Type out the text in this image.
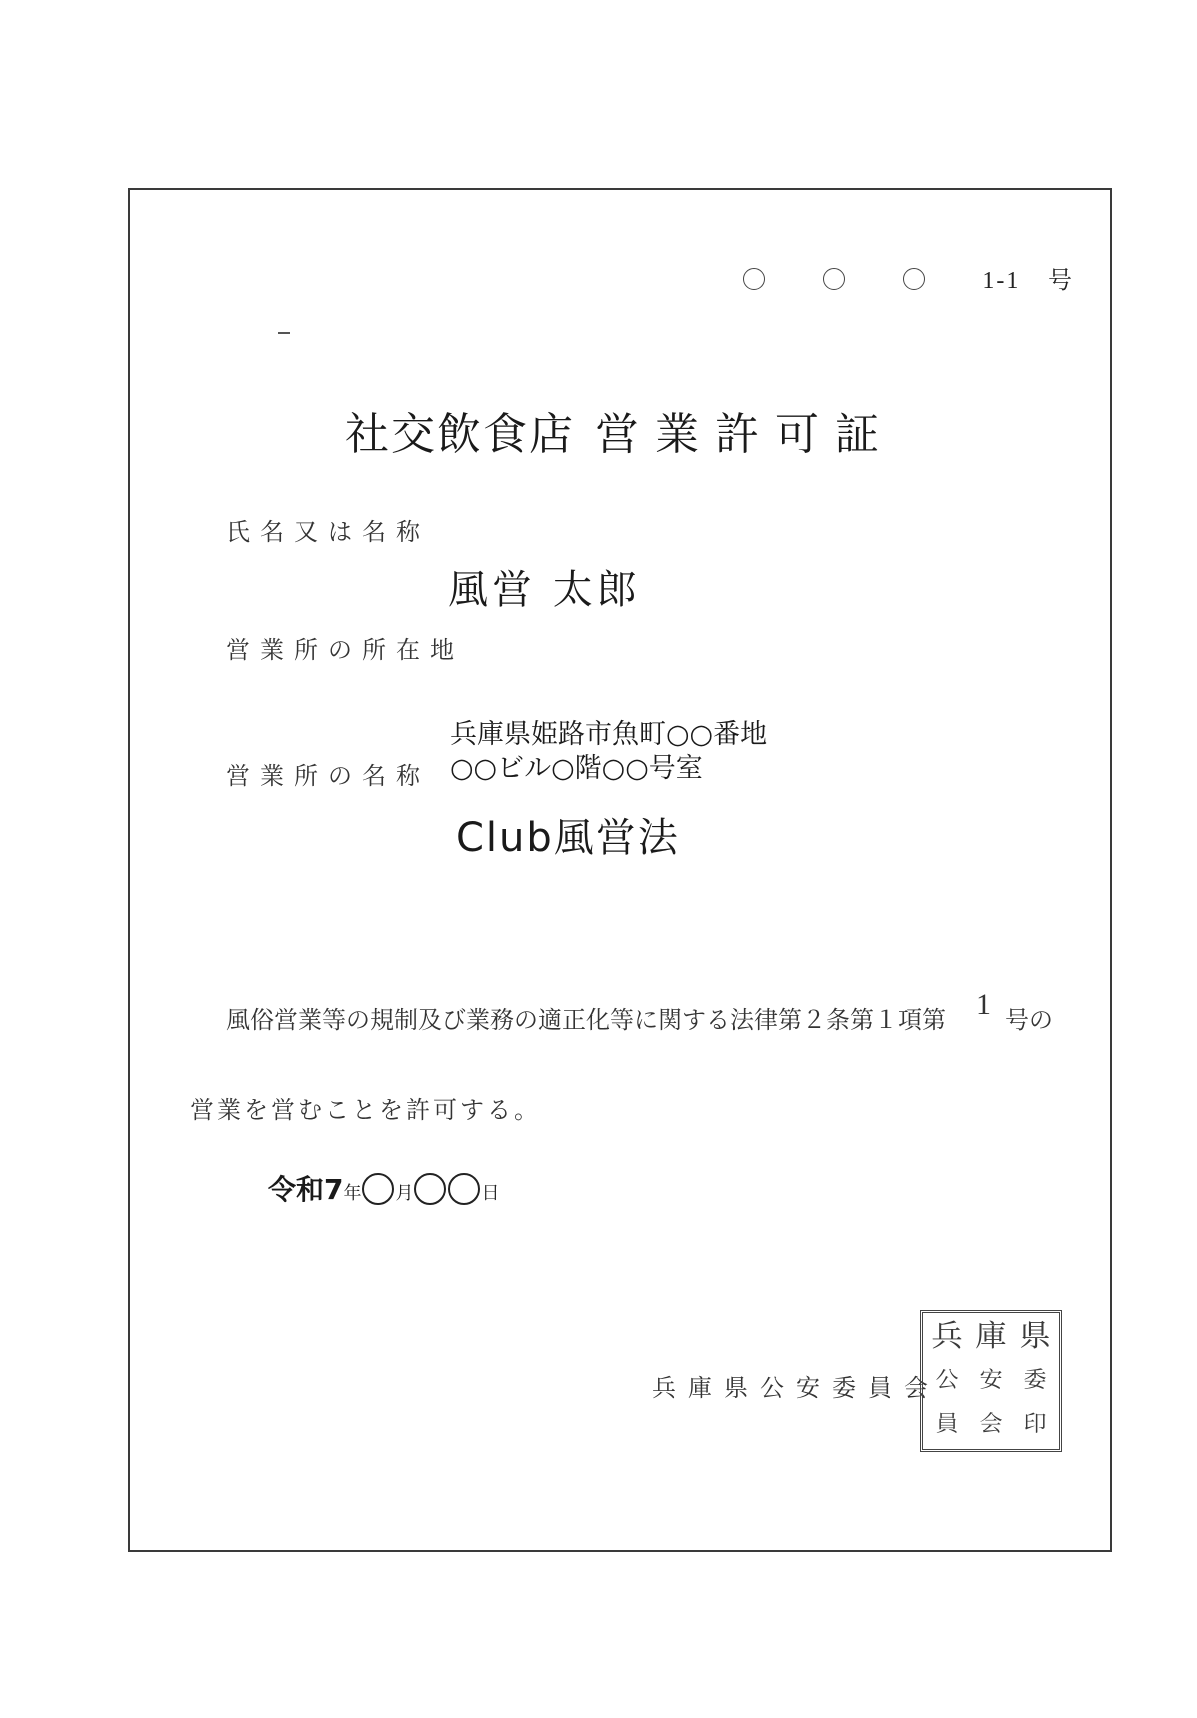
1-1 号
社交飲食店 営業許可証
氏名又は名称
風営 太郎
営業所の所在地
兵庫県姫路市魚町○○番地
○○ビル○階○○号室
営業所の名称
Club風営法
風俗営業等の規制及び業務の適正化等に関する法律第２条第１項第 1 号の
営業を営むことを許可する。
令和7年 月	日
兵庫県公安委員会
兵 庫 県
公 安 委
員 会 印
